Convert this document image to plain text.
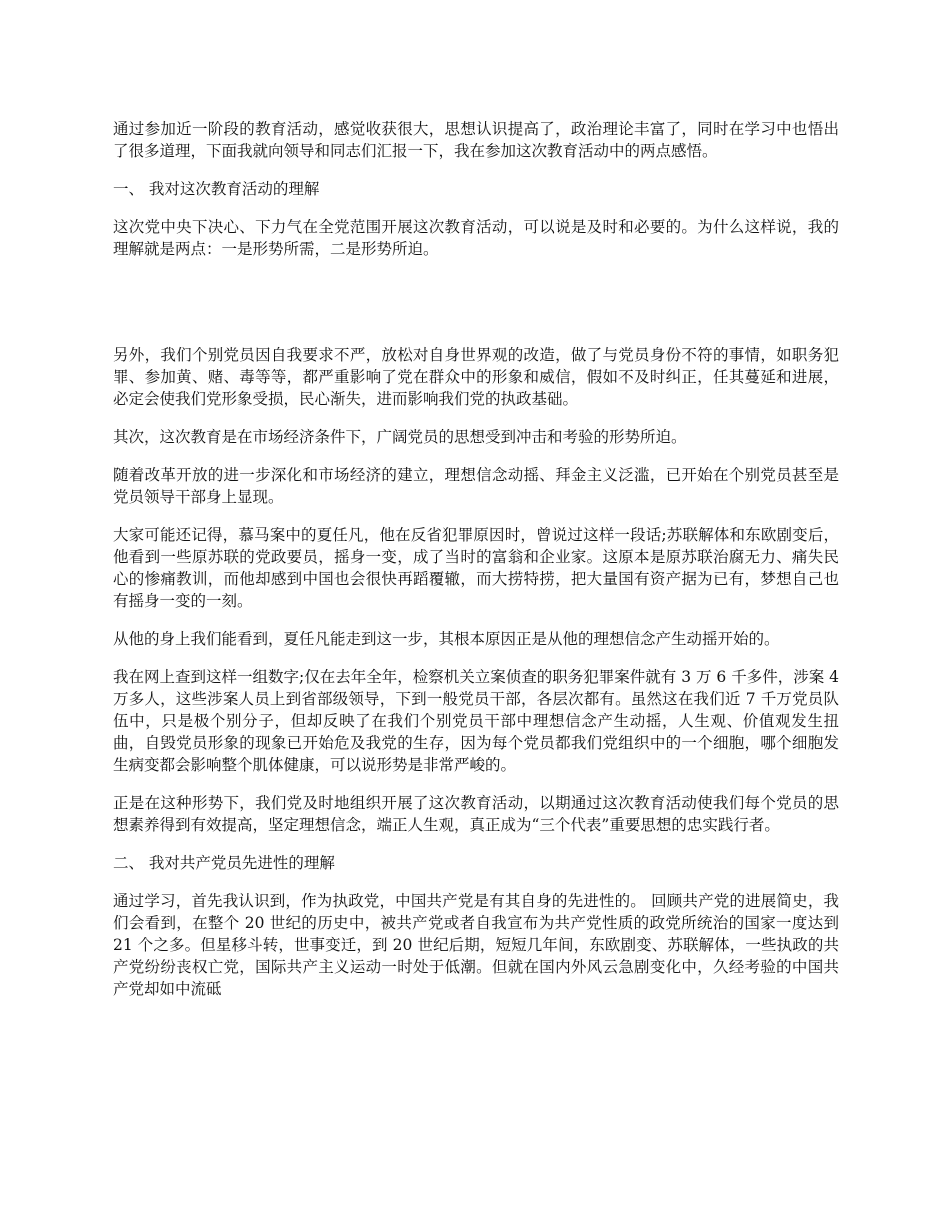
通过参加近一阶段的教育活动，感觉收获很大，思想认识提高了，政治理论丰富了，同时在学习中也悟出了很多道理，下面我就向领导和同志们汇报一下，我在参加这次教育活动中的两点感悟。

一、 我对这次教育活动的理解

这次党中央下决心、下力气在全党范围开展这次教育活动，可以说是及时和必要的。为什么这样说，我的理解就是两点：一是形势所需，二是形势所迫。

另外，我们个别党员因自我要求不严，放松对自身世界观的改造，做了与党员身份不符的事情，如职务犯罪、参加黄、赌、毒等等，都严重影响了党在群众中的形象和威信，假如不及时纠正，任其蔓延和进展，必定会使我们党形象受损，民心渐失，进而影响我们党的执政基础。

其次，这次教育是在市场经济条件下，广阔党员的思想受到冲击和考验的形势所迫。

随着改革开放的进一步深化和市场经济的建立，理想信念动摇、拜金主义泛滥，已开始在个别党员甚至是党员领导干部身上显现。

大家可能还记得，慕马案中的夏任凡，他在反省犯罪原因时，曾说过这样一段话;苏联解体和东欧剧变后，他看到一些原苏联的党政要员，摇身一变，成了当时的富翁和企业家。这原本是原苏联治腐无力、痛失民心的惨痛教训，而他却感到中国也会很快再蹈覆辙，而大捞特捞，把大量国有资产据为已有，梦想自己也有摇身一变的一刻。

从他的身上我们能看到，夏任凡能走到这一步，其根本原因正是从他的理想信念产生动摇开始的。

我在网上查到这样一组数字;仅在去年全年，检察机关立案侦查的职务犯罪案件就有 3 万 6 千多件，涉案 4 万多人，这些涉案人员上到省部级领导，下到一般党员干部，各层次都有。虽然这在我们近 7 千万党员队伍中，只是极个别分子，但却反映了在我们个别党员干部中理想信念产生动摇，人生观、价值观发生扭曲，自毁党员形象的现象已开始危及我党的生存，因为每个党员都我们党组织中的一个细胞，哪个细胞发生病变都会影响整个肌体健康，可以说形势是非常严峻的。

正是在这种形势下，我们党及时地组织开展了这次教育活动，以期通过这次教育活动使我们每个党员的思想素养得到有效提高，坚定理想信念，端正人生观，真正成为“三个代表”重要思想的忠实践行者。

二、 我对共产党员先进性的理解

通过学习，首先我认识到，作为执政党，中国共产党是有其自身的先进性的。 回顾共产党的进展简史，我们会看到，在整个 20 世纪的历史中，被共产党或者自我宣布为共产党性质的政党所统治的国家一度达到 21 个之多。但星移斗转，世事变迁，到 20 世纪后期，短短几年间，东欧剧变、苏联解体，一些执政的共产党纷纷丧权亡党，国际共产主义运动一时处于低潮。但就在国内外风云急剧变化中，久经考验的中国共产党却如中流砥
